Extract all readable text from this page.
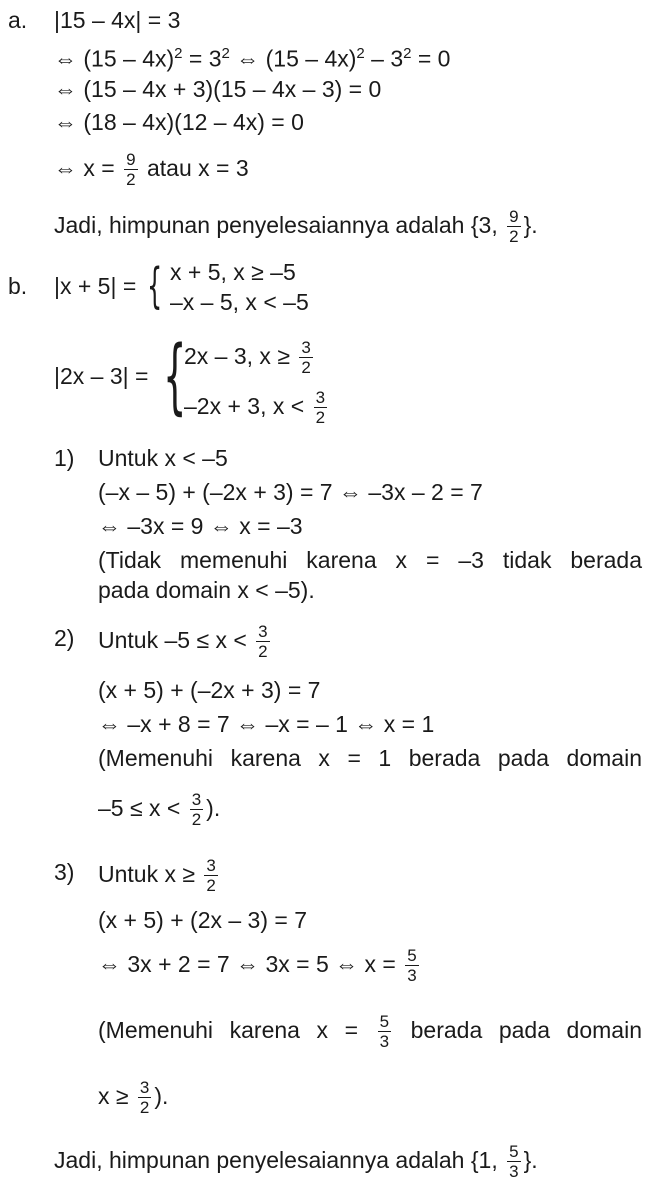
a. |15 – 4x| = 3
⇔ $(15 - 4x)^2 = 3^2$ ⇔ $(15 - 4x)^2 - 3^2 = 0$
⇔ (15 – 4x + 3)(15 – 4x – 3) = 0
⇔ (18 – 4x)(12 – 4x) = 0
⇔ $x = \frac{9}{2}$ atau x = 3
Jadi, himpunan penyelesaiannya adalah {3, $\frac{9}{2}$ }.
b. |x + 5| = { x + 5, x ≥ –5
–x – 5, x < –5
|2x – 3| = {
2x – 3, $x \ge \frac{3}{2}$
–2x + 3, $x < \frac{3}{2}$
1) Untuk x < –5
(–x – 5) + (–2x + 3) = 7 ⇔ –3x – 2 = 7
⇔ –3x = 9 ⇔ x = –3
(Tidak memenuhi karena x = –3 tidak berada
pada domain x < –5).
2) Untuk $-5 \le x < \frac{3}{2}$
(x + 5) + (–2x + 3) = 7
⇔ –x + 8 = 7 ⇔ –x = – 1 ⇔ x = 1
(Memenuhi karena x = 1 berada pada domain
$-5 \le x < \frac{3}{2}$ ).
3) Untuk $x \ge \frac{3}{2}$
(x + 5) + (2x – 3) = 7
⇔ 3x + 2 = 7 ⇔ 3x = 5 ⇔ $x = \frac{5}{3}$
(Memenuhi karena $x = \frac{5}{3}$ berada pada domain
$x \ge \frac{3}{2}$ ).
Jadi, himpunan penyelesaiannya adalah {1, $\frac{5}{3}$ }.
